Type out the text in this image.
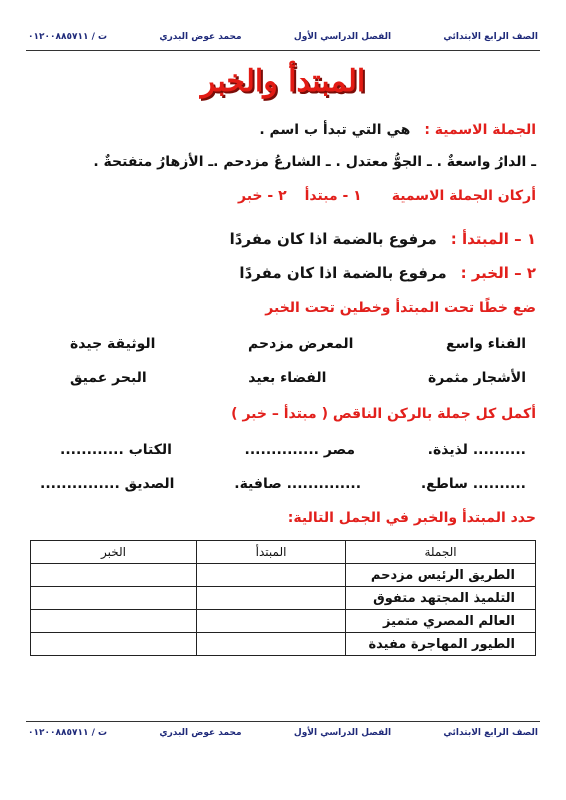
الصف الرابع الابتدائي
الفصل الدراسي الأول
محمد عوض البدري
ت / ٠١٢٠٠٨٨٥٧١١
المبتدأ والخبر
الجملة الاسمية :هي التي تبدأ ب اسم .
ـ الدارُ واسعةٌ . ـ الجوُّ معتدل . ـ الشارعُ مزدحم .ـ الأزهارُ متفتحةٌ .
أركان الجملة الاسمية١ - مبتدأ٢ - خبر
١ – المبتدأ :مرفوع بالضمة اذا كان مفردًا
٢ – الخبر :مرفوع بالضمة اذا كان مفردًا
ضع خطًا تحت المبتدأ وخطين تحت الخبر
الفناء واسع
المعرض مزدحم
الوثيقة جيدة
الأشجار مثمرة
الفضاء بعيد
البحر عميق
أكمل كل جملة بالركن الناقص ( مبتدأ – خبر )
.......... لذيذة.
مصر ..............
الكتاب ............
.......... ساطع.
.............. صافية.
الصديق ...............
حدد المبتدأ والخبر في الجمل التالية:
الجملة	المبتدأ	الخبر
الطريق الرئيس مزدحم		
التلميذ المجتهد متفوق		
العالم المصري متميز		
الطيور المهاجرة مفيدة		
الصف الرابع الابتدائي
الفصل الدراسي الأول
محمد عوض البدري
ت / ٠١٢٠٠٨٨٥٧١١
